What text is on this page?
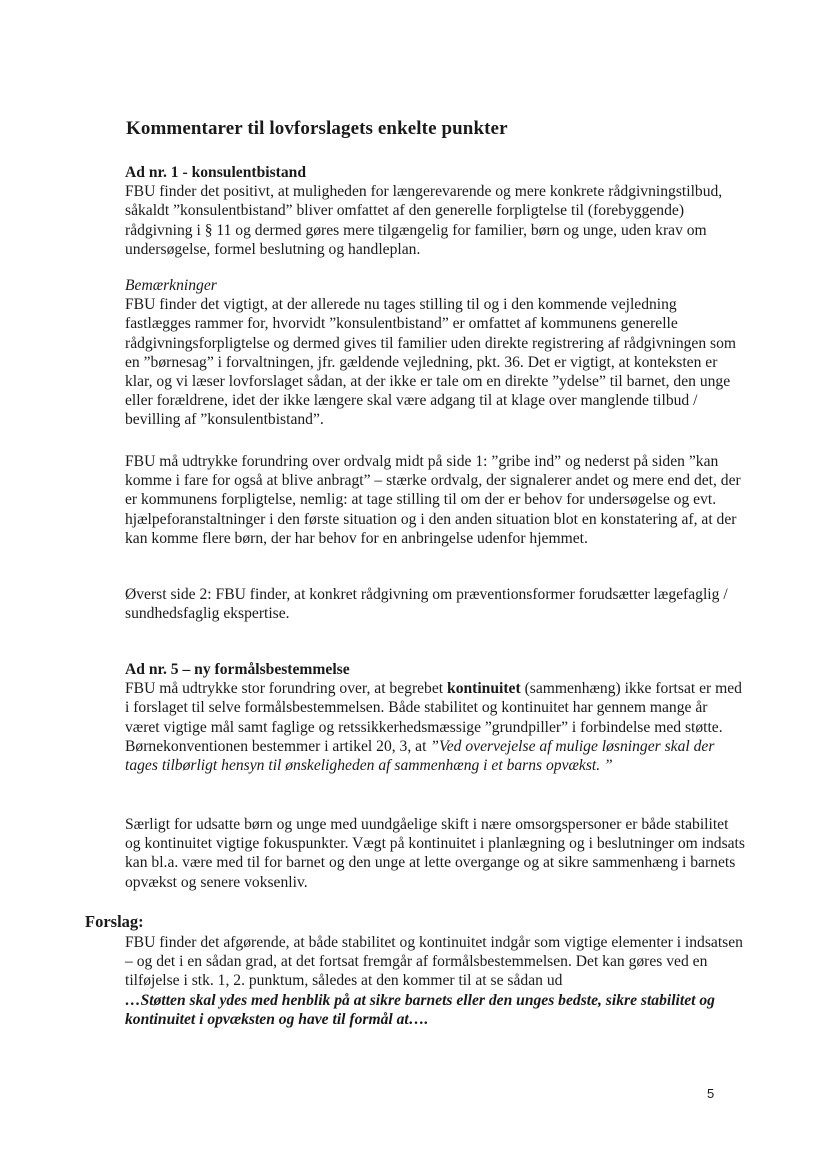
Kommentarer til lovforslagets enkelte punkter

Ad nr. 1 - konsulentbistand

FBU finder det positivt, at muligheden for længerevarende og mere konkrete rådgivningstilbud, såkaldt ”konsulentbistand” bliver omfattet af den generelle forpligtelse til (forebyggende) rådgivning i § 11 og dermed gøres mere tilgængelig for familier, børn og unge, uden krav om undersøgelse, formel beslutning og handleplan.

Bemærkninger

FBU finder det vigtigt, at der allerede nu tages stilling til og i den kommende vejledning fastlægges rammer for, hvorvidt ”konsulentbistand” er omfattet af kommunens generelle rådgivningsforpligtelse og dermed gives til familier uden direkte registrering af rådgivningen som en ”børnesag” i forvaltningen, jfr. gældende vejledning, pkt. 36. Det er vigtigt, at konteksten er klar, og vi læser lovforslaget sådan, at der ikke er tale om en direkte ”ydelse” til barnet, den unge eller forældrene, idet der ikke længere skal være adgang til at klage over manglende tilbud / bevilling af ”konsulentbistand”.

FBU må udtrykke forundring over ordvalg midt på side 1: ”gribe ind” og nederst på siden ”kan komme i fare for også at blive anbragt” – stærke ordvalg, der signalerer andet og mere end det, der er kommunens forpligtelse, nemlig: at tage stilling til om der er behov for undersøgelse og evt. hjælpeforanstaltninger i den første situation og i den anden situation blot en konstatering af, at der kan komme flere børn, der har behov for en anbringelse udenfor hjemmet.

Øverst side 2: FBU finder, at konkret rådgivning om præventionsformer forudsætter lægefaglig / sundhedsfaglig ekspertise.

Ad nr. 5 – ny formålsbestemmelse

FBU må udtrykke stor forundring over, at begrebet kontinuitet (sammenhæng) ikke fortsat er med i forslaget til selve formålsbestemmelsen. Både stabilitet og kontinuitet har gennem mange år været vigtige mål samt faglige og retssikkerhedsmæssige ”grundpiller” i forbindelse med støtte.

Børnekonventionen bestemmer i artikel 20, 3, at ”Ved overvejelse af mulige løsninger skal der tages tilbørligt hensyn til ønskeligheden af sammenhæng i et barns opvækst. ”

Særligt for udsatte børn og unge med uundgåelige skift i nære omsorgspersoner er både stabilitet og kontinuitet vigtige fokuspunkter. Vægt på kontinuitet i planlægning og i beslutninger om indsats kan bl.a. være med til for barnet og den unge at lette overgange og at sikre sammenhæng i barnets opvækst og senere voksenliv.

Forslag:

FBU finder det afgørende, at både stabilitet og kontinuitet indgår som vigtige elementer i indsatsen – og det i en sådan grad, at det fortsat fremgår af formålsbestemmelsen. Det kan gøres ved en tilføjelse i stk. 1, 2. punktum, således at den kommer til at se sådan ud

…Støtten skal ydes med henblik på at sikre barnets eller den unges bedste, sikre stabilitet og kontinuitet i opvæksten og have til formål at….

5
